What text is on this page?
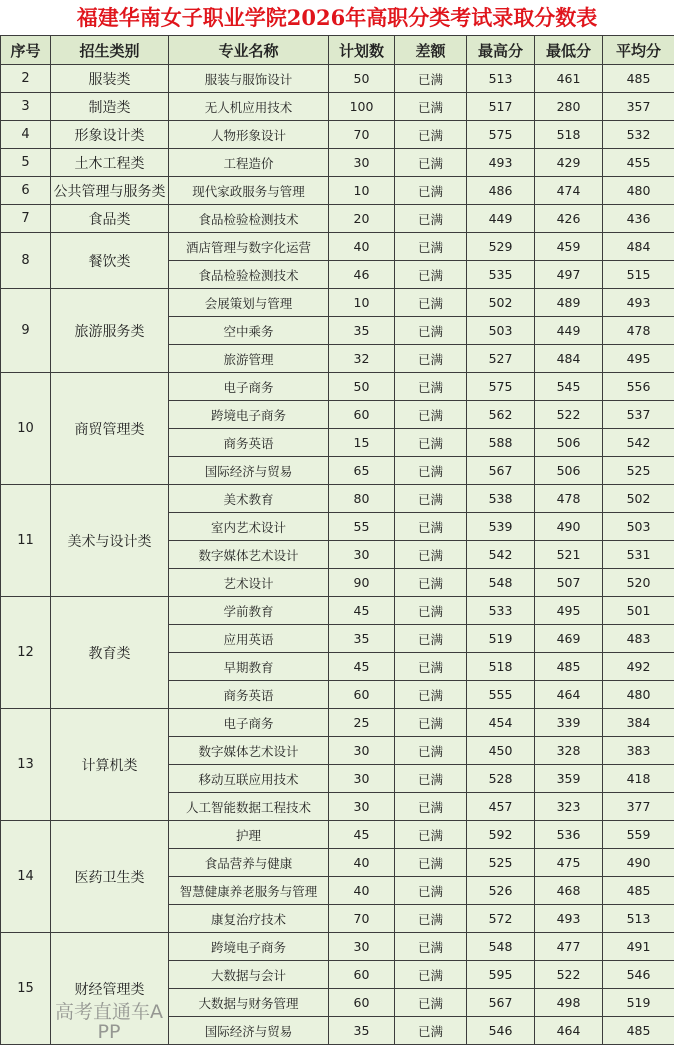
福建华南女子职业学院2026年高职分类考试录取分数表
序号	招生类别	专业名称	计划数	差额	最高分	最低分	平均分
2	服装类	服装与服饰设计	50	已满	513	461	485
3	制造类	无人机应用技术	100	已满	517	280	357
4	形象设计类	人物形象设计	70	已满	575	518	532
5	土木工程类	工程造价	30	已满	493	429	455
6	公共管理与服务类	现代家政服务与管理	10	已满	486	474	480
7	食品类	食品检验检测技术	20	已满	449	426	436
8	餐饮类	酒店管理与数字化运营	40	已满	529	459	484
		食品检验检测技术	46	已满	535	497	515
9	旅游服务类	会展策划与管理	10	已满	502	489	493
		空中乘务	35	已满	503	449	478
		旅游管理	32	已满	527	484	495
10	商贸管理类	电子商务	50	已满	575	545	556
		跨境电子商务	60	已满	562	522	537
		商务英语	15	已满	588	506	542
		国际经济与贸易	65	已满	567	506	525
11	美术与设计类	美术教育	80	已满	538	478	502
		室内艺术设计	55	已满	539	490	503
		数字媒体艺术设计	30	已满	542	521	531
		艺术设计	90	已满	548	507	520
12	教育类	学前教育	45	已满	533	495	501
		应用英语	35	已满	519	469	483
		早期教育	45	已满	518	485	492
		商务英语	60	已满	555	464	480
13	计算机类	电子商务	25	已满	454	339	384
		数字媒体艺术设计	30	已满	450	328	383
		移动互联应用技术	30	已满	528	359	418
		人工智能数据工程技术	30	已满	457	323	377
14	医药卫生类	护理	45	已满	592	536	559
		食品营养与健康	40	已满	525	475	490
		智慧健康养老服务与管理	40	已满	526	468	485
		康复治疗技术	70	已满	572	493	513
15	财经管理类	跨境电子商务	30	已满	548	477	491
		大数据与会计	60	已满	595	522	546
		大数据与财务管理	60	已满	567	498	519
		国际经济与贸易	35	已满	546	464	485
高考直通车APP
